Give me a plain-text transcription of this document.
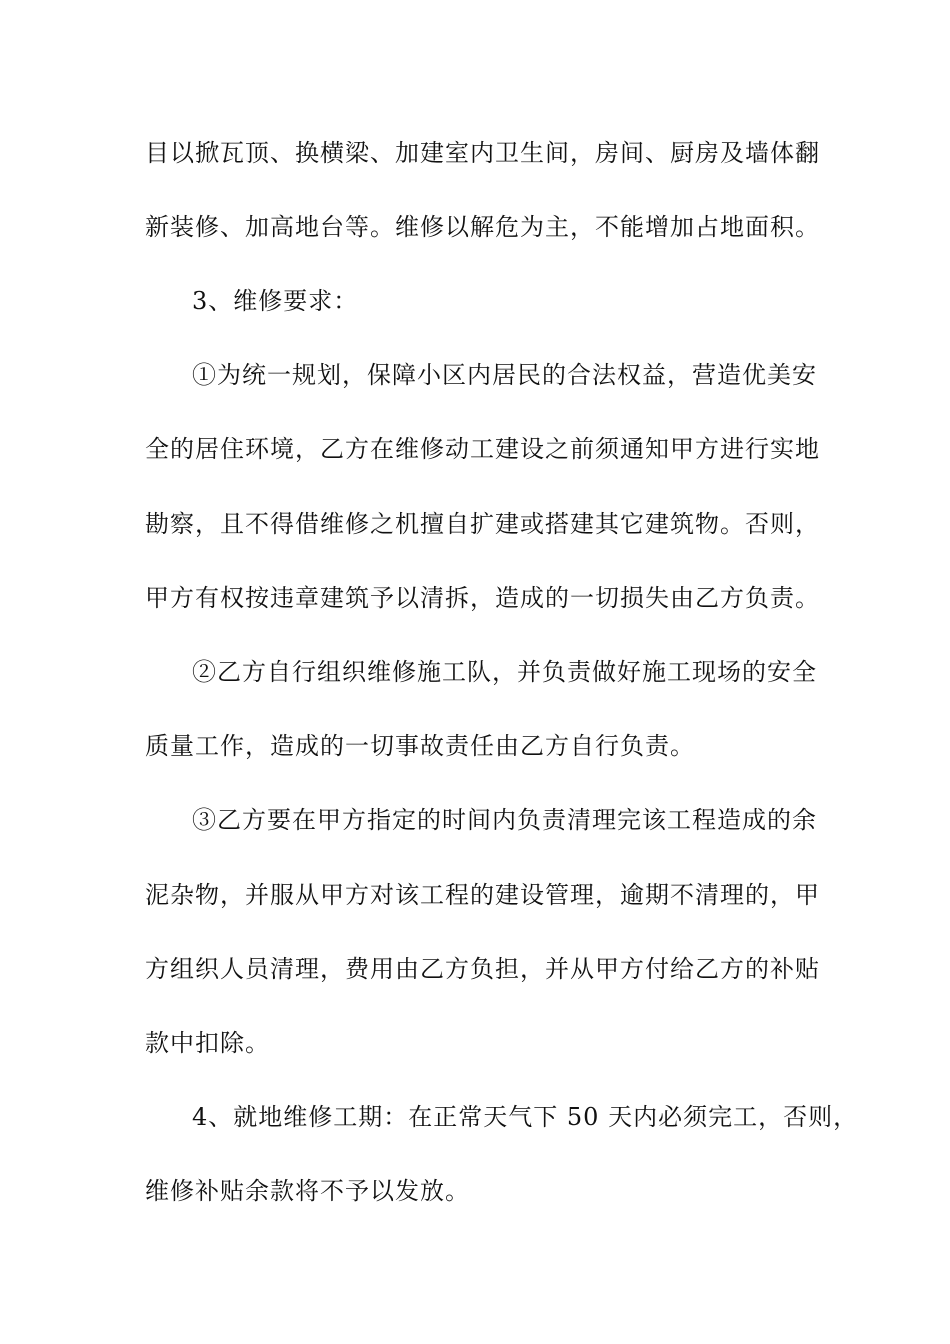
目以掀瓦顶、换横梁、加建室内卫生间，房间、厨房及墙体翻
新装修、加高地台等。维修以解危为主，不能增加占地面积。
3、维修要求：
①为统一规划，保障小区内居民的合法权益，营造优美安
全的居住环境，乙方在维修动工建设之前须通知甲方进行实地
勘察，且不得借维修之机擅自扩建或搭建其它建筑物。否则，
甲方有权按违章建筑予以清拆，造成的一切损失由乙方负责。
②乙方自行组织维修施工队，并负责做好施工现场的安全
质量工作，造成的一切事故责任由乙方自行负责。
③乙方要在甲方指定的时间内负责清理完该工程造成的余
泥杂物，并服从甲方对该工程的建设管理，逾期不清理的，甲
方组织人员清理，费用由乙方负担，并从甲方付给乙方的补贴
款中扣除。
4、就地维修工期：在正常天气下 50 天内必须完工，否则，
维修补贴余款将不予以发放。
